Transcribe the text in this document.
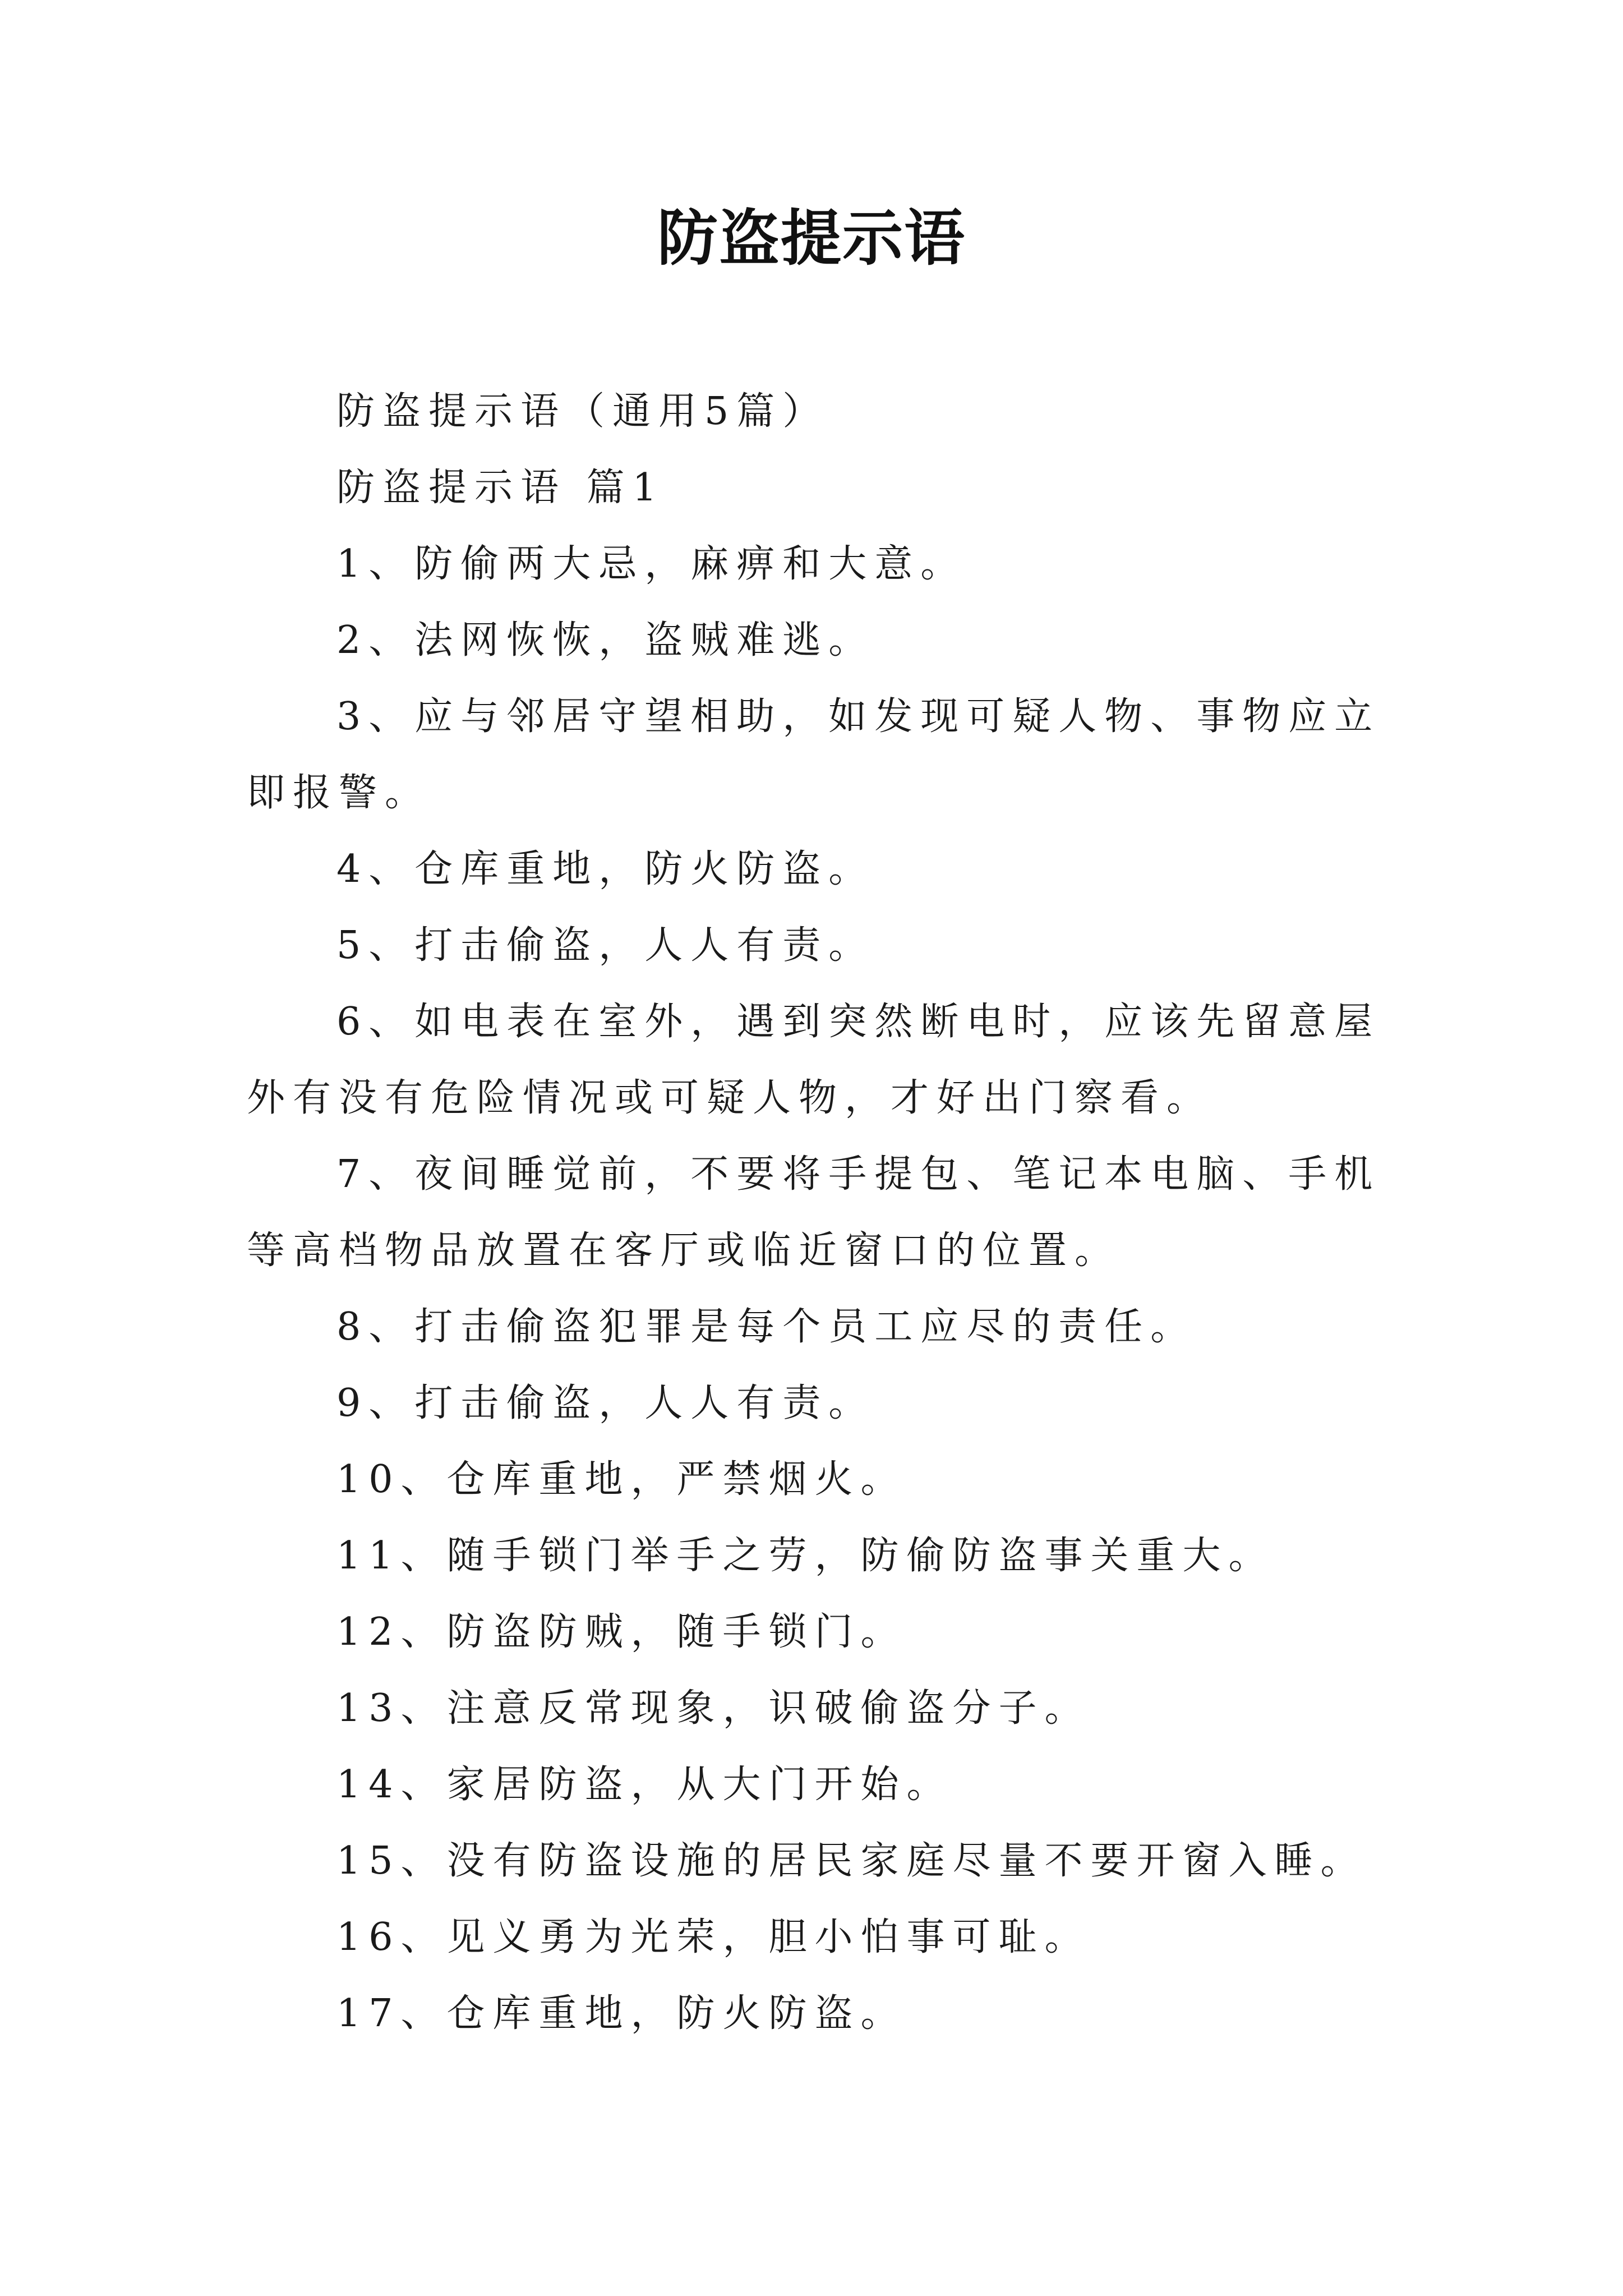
防盗提示语

防盗提示语（通用5篇）

防盗提示语 篇1

1、防偷两大忌，麻痹和大意。

2、法网恢恢，盗贼难逃。

3、应与邻居守望相助，如发现可疑人物、事物应立即报警。

4、仓库重地，防火防盗。

5、打击偷盗，人人有责。

6、如电表在室外，遇到突然断电时，应该先留意屋外有没有危险情况或可疑人物，才好出门察看。

7、夜间睡觉前，不要将手提包、笔记本电脑、手机等高档物品放置在客厅或临近窗口的位置。

8、打击偷盗犯罪是每个员工应尽的责任。

9、打击偷盗，人人有责。

10、仓库重地，严禁烟火。

11、随手锁门举手之劳，防偷防盗事关重大。

12、防盗防贼，随手锁门。

13、注意反常现象，识破偷盗分子。

14、家居防盗，从大门开始。

15、没有防盗设施的居民家庭尽量不要开窗入睡。

16、见义勇为光荣，胆小怕事可耻。

17、仓库重地，防火防盗。
